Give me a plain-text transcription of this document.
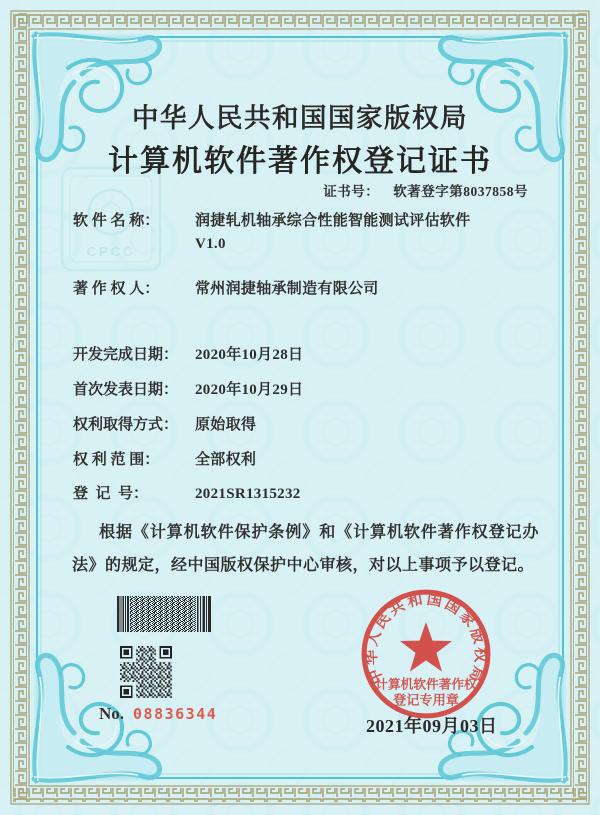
CPCC
中华人民共和国国家版权局
计算机软件著作权登记证书
证书号： 软著登字第8037858号
软 件 名 称：	润捷轧机轴承综合性能智能测试评估软件
V1.0
著 作 权 人：	常州润捷轴承制造有限公司
开发完成日期：	2020年10月28日
首次发表日期：	2020年10月29日
权利取得方式：	原始取得
权 利 范 围：	全部权利
登  记  号：	2021SR1315232
根据《计算机软件保护条例》和《计算机软件著作权登记办法》的规定，经中国版权保护中心审核，对以上事项予以登记。
No. 08836344
中华人民共和国国家版权局
计算机软件著作权
登记专用章
2021年09月03日
